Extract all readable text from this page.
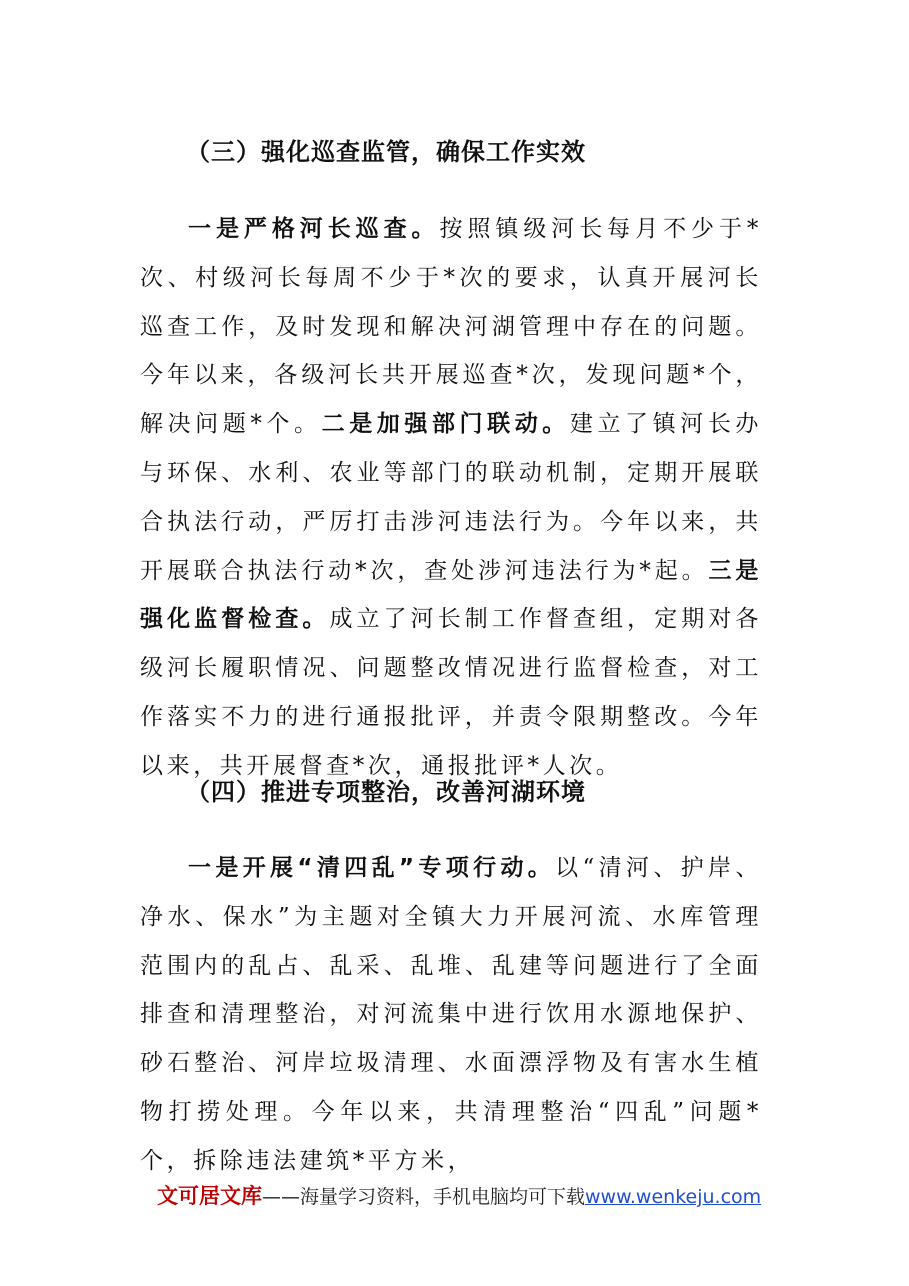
（三）强化巡查监管，确保工作实效
一是严格河长巡查。按照镇级河长每月不少于*次、村级河长每周不少于*次的要求，认真开展河长巡查工作，及时发现和解决河湖管理中存在的问题。今年以来，各级河长共开展巡查*次，发现问题*个，解决问题*个。二是加强部门联动。建立了镇河长办与环保、水利、农业等部门的联动机制，定期开展联合执法行动，严厉打击涉河违法行为。今年以来，共开展联合执法行动*次，查处涉河违法行为*起。三是强化监督检查。成立了河长制工作督查组，定期对各级河长履职情况、问题整改情况进行监督检查，对工作落实不力的进行通报批评，并责令限期整改。今年以来，共开展督查*次，通报批评*人次。
（四）推进专项整治，改善河湖环境
一是开展“清四乱”专项行动。以“清河、护岸、净水、保水”为主题对全镇大力开展河流、水库管理范围内的乱占、乱采、乱堆、乱建等问题进行了全面排查和清理整治，对河流集中进行饮用水源地保护、砂石整治、河岸垃圾清理、水面漂浮物及有害水生植物打捞处理。今年以来，共清理整治“四乱”问题*个，拆除违法建筑*平方米，
文可居文库——海量学习资料，手机电脑均可下载www.wenkeju.com
